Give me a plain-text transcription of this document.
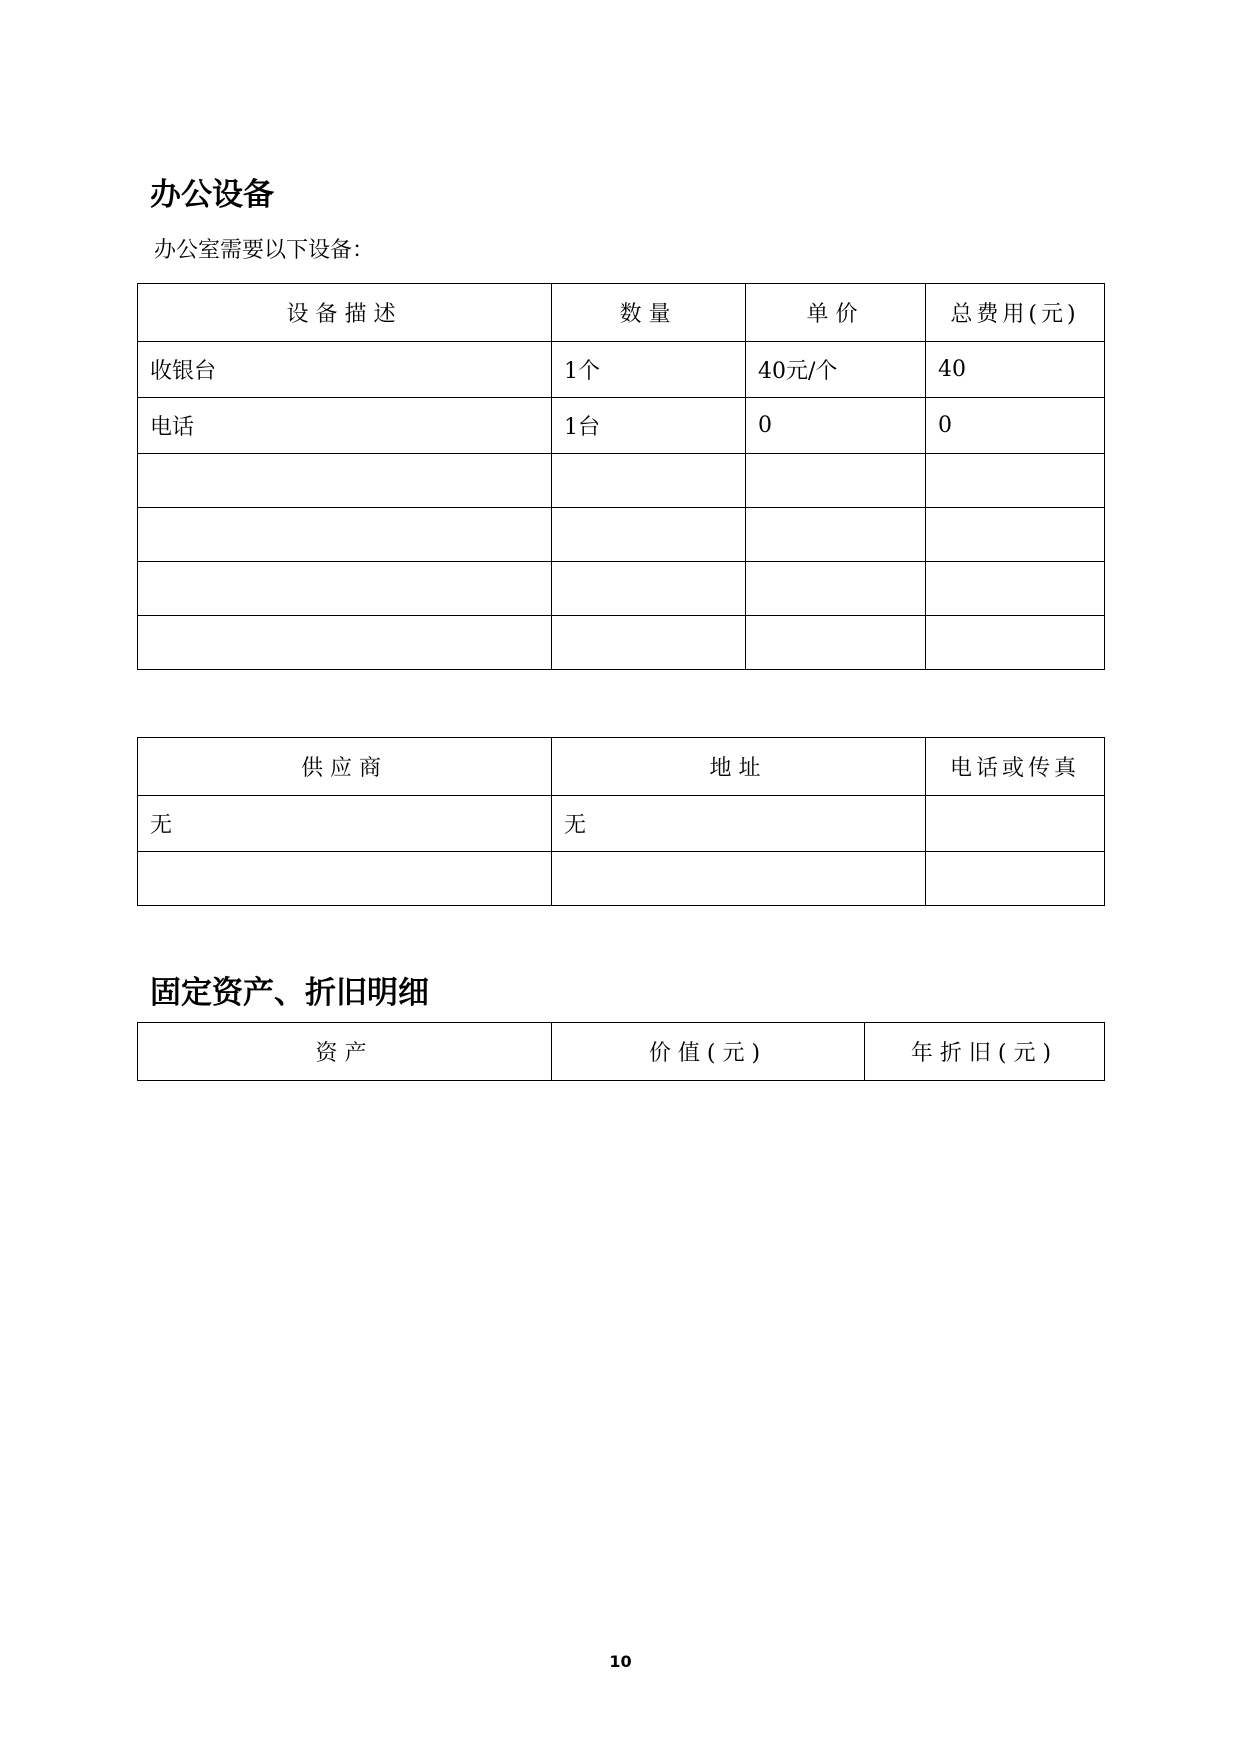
办公设备

办公室需要以下设备：

设备描述	数量	单价	总费用(元)
收银台	1个	40元/个	40
电话	1台	0	0

供应商	地址	电话或传真
无	无	

固定资产、折旧明细
资产	价值(元)	年折旧(元)
10
